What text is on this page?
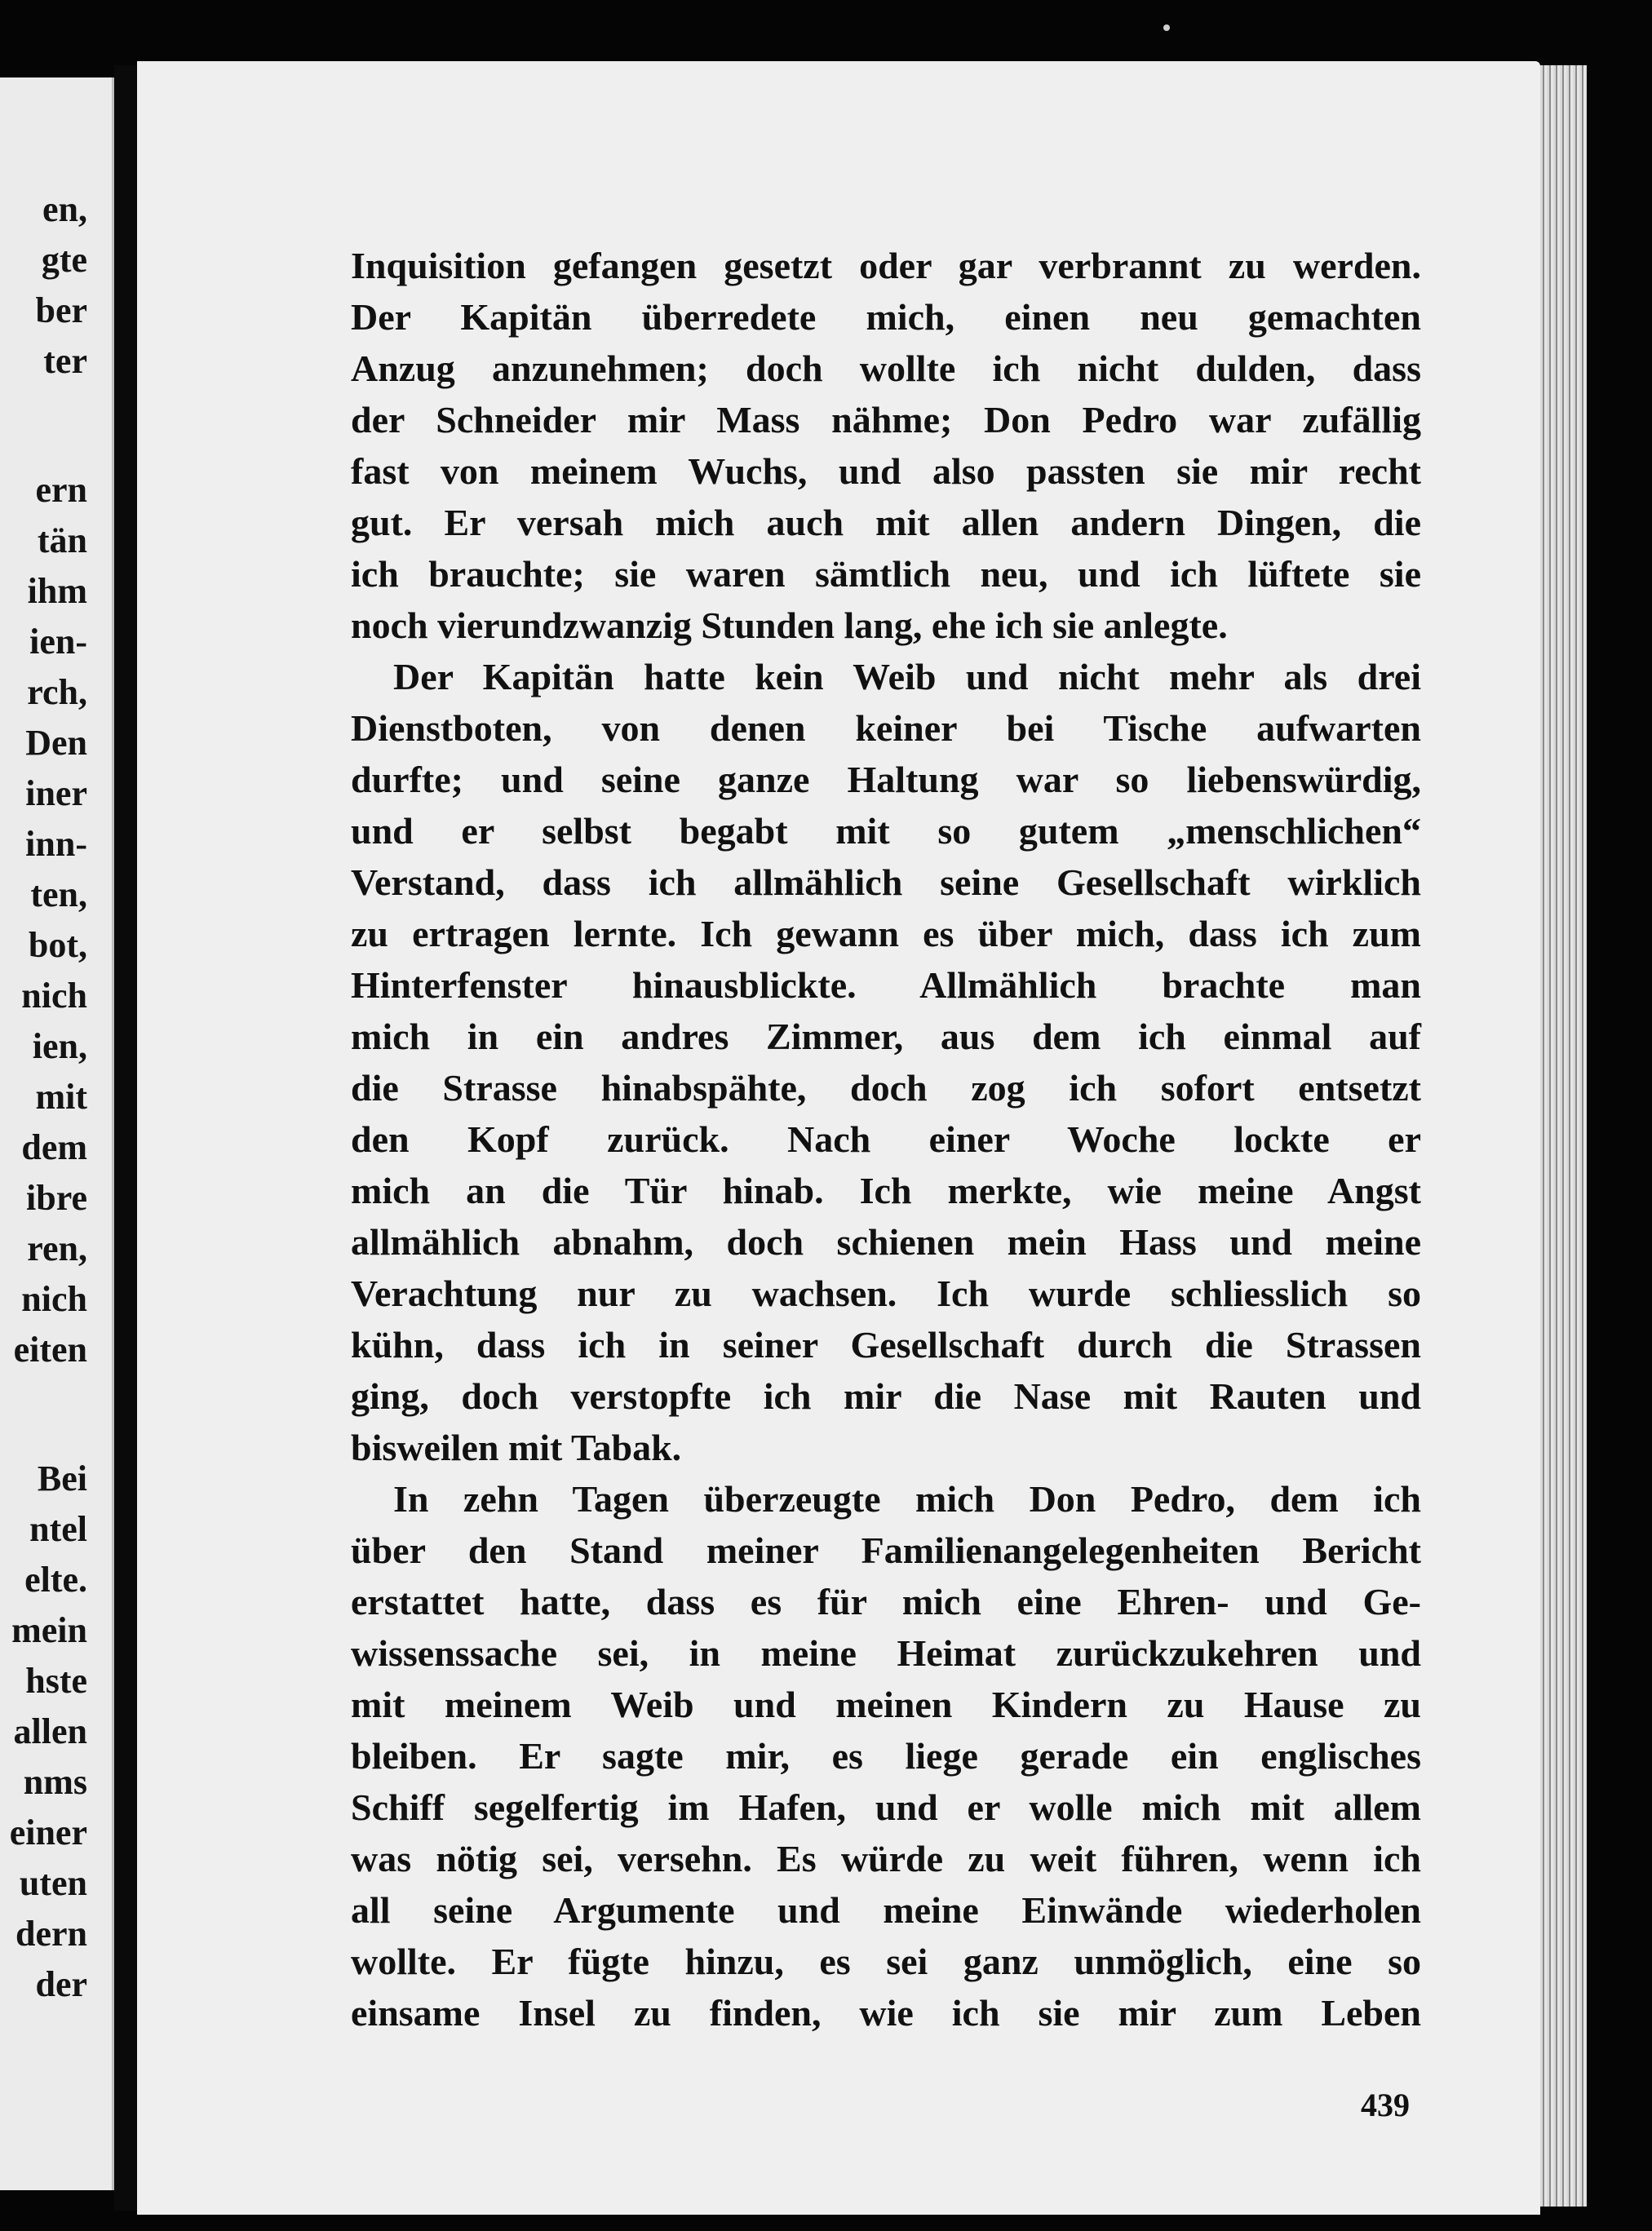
en,
gte
ber
ter
ern
tän
ihm
ien-
rch,
Den
iner
inn-
ten,
bot,
nich
ien,
mit
dem
ibre
ren,
nich
eiten
Bei
ntel
elte.
mein
hste
allen
nms
einer
uten
dern
der
Inquisition gefangen gesetzt oder gar verbrannt zu werden.
Der Kapitän überredete mich, einen neu gemachten
Anzug anzunehmen; doch wollte ich nicht dulden, dass
der Schneider mir Mass nähme; Don Pedro war zufällig
fast von meinem Wuchs, und also passten sie mir recht
gut. Er versah mich auch mit allen andern Dingen, die
ich brauchte; sie waren sämtlich neu, und ich lüftete sie
noch vierundzwanzig Stunden lang, ehe ich sie anlegte.
Der Kapitän hatte kein Weib und nicht mehr als drei
Dienstboten, von denen keiner bei Tische aufwarten
durfte; und seine ganze Haltung war so liebenswürdig,
und er selbst begabt mit so gutem „menschlichen“
Verstand, dass ich allmählich seine Gesellschaft wirklich
zu ertragen lernte. Ich gewann es über mich, dass ich zum
Hinterfenster hinausblickte. Allmählich brachte man
mich in ein andres Zimmer, aus dem ich einmal auf
die Strasse hinabspähte, doch zog ich sofort entsetzt
den Kopf zurück. Nach einer Woche lockte er
mich an die Tür hinab. Ich merkte, wie meine Angst
allmählich abnahm, doch schienen mein Hass und meine
Verachtung nur zu wachsen. Ich wurde schliesslich so
kühn, dass ich in seiner Gesellschaft durch die Strassen
ging, doch verstopfte ich mir die Nase mit Rauten und
bisweilen mit Tabak.
In zehn Tagen überzeugte mich Don Pedro, dem ich
über den Stand meiner Familienangelegenheiten Bericht
erstattet hatte, dass es für mich eine Ehren- und Ge-
wissenssache sei, in meine Heimat zurückzukehren und
mit meinem Weib und meinen Kindern zu Hause zu
bleiben. Er sagte mir, es liege gerade ein englisches
Schiff segelfertig im Hafen, und er wolle mich mit allem
was nötig sei, versehn. Es würde zu weit führen, wenn ich
all seine Argumente und meine Einwände wiederholen
wollte. Er fügte hinzu, es sei ganz unmöglich, eine so
einsame Insel zu finden, wie ich sie mir zum Leben
439
